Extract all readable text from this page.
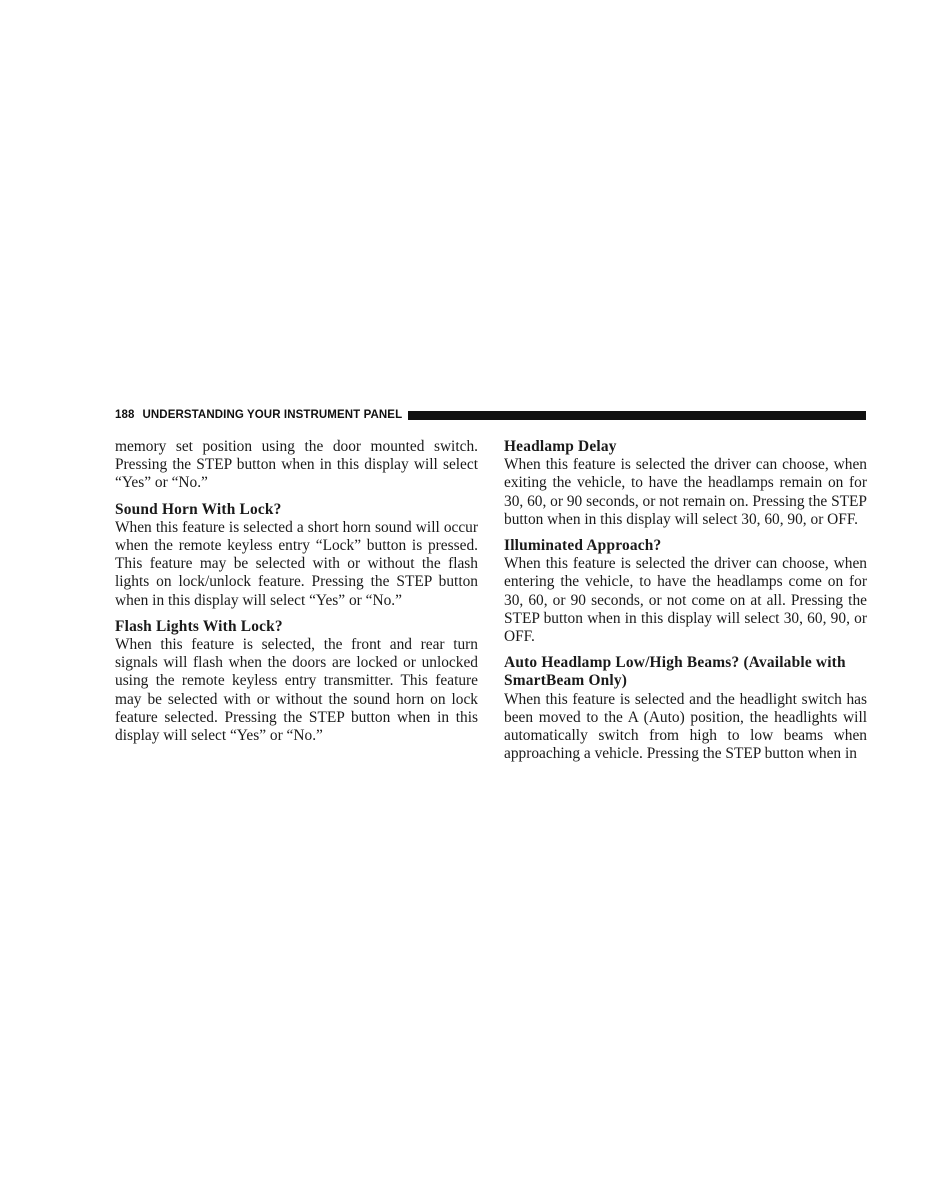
188 UNDERSTANDING YOUR INSTRUMENT PANEL

memory set position using the door mounted switch. Pressing the STEP button when in this display will select “Yes” or “No.”

Sound Horn With Lock?

When this feature is selected a short horn sound will occur when the remote keyless entry “Lock” button is pressed. This feature may be selected with or without the flash lights on lock/unlock feature. Pressing the STEP button when in this display will select “Yes” or “No.”

Flash Lights With Lock?

When this feature is selected, the front and rear turn signals will flash when the doors are locked or unlocked using the remote keyless entry transmitter. This feature may be selected with or without the sound horn on lock feature selected. Pressing the STEP button when in this display will select “Yes” or “No.”

Headlamp Delay

When this feature is selected the driver can choose, when exiting the vehicle, to have the headlamps remain on for 30, 60, or 90 seconds, or not remain on. Pressing the STEP button when in this display will select 30, 60, 90, or OFF.

Illuminated Approach?

When this feature is selected the driver can choose, when entering the vehicle, to have the headlamps come on for 30, 60, or 90 seconds, or not come on at all. Pressing the STEP button when in this display will select 30, 60, 90, or OFF.

Auto Headlamp Low/High Beams? (Available with SmartBeam Only)

When this feature is selected and the headlight switch has been moved to the A (Auto) position, the headlights will automatically switch from high to low beams when approaching a vehicle. Pressing the STEP button when in
